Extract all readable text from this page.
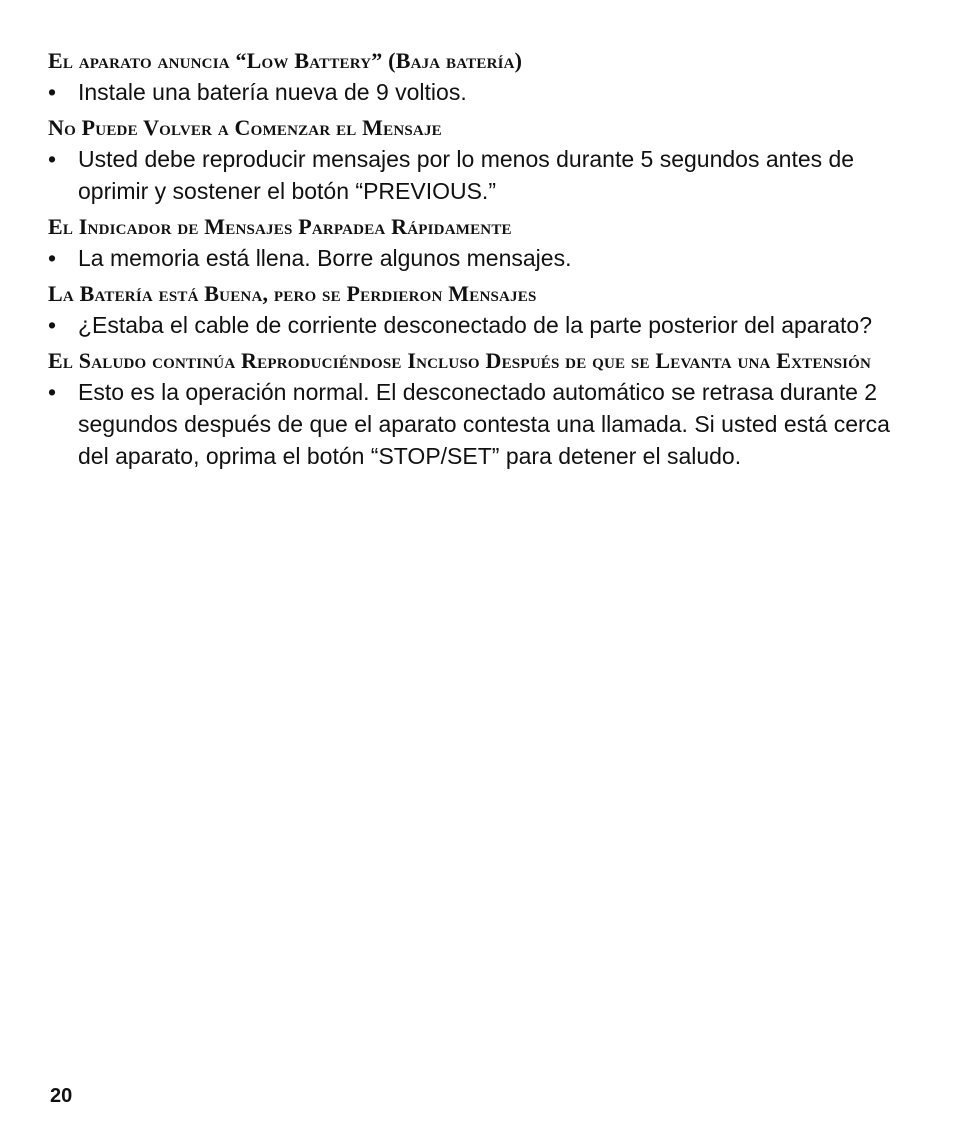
El aparato anuncia “Low Battery” (Baja batería)

• Instale una batería nueva de 9 voltios.

No Puede Volver a Comenzar el Mensaje

• Usted debe reproducir mensajes por lo menos durante 5 segundos antes de oprimir y sostener el botón “PREVIOUS.”

El Indicador de Mensajes Parpadea Rápidamente

• La memoria está llena. Borre algunos mensajes.

La Batería está Buena, pero se Perdieron Mensajes

• ¿Estaba el cable de corriente desconectado de la parte posterior del aparato?

El Saludo continúa Reproduciéndose Incluso Después de que se Levanta una Extensión

• Esto es la operación normal. El desconectado automático se retrasa durante 2 segundos después de que el aparato contesta una llamada. Si usted está cerca del aparato, oprima el botón “STOP/SET” para detener el saludo.

20
